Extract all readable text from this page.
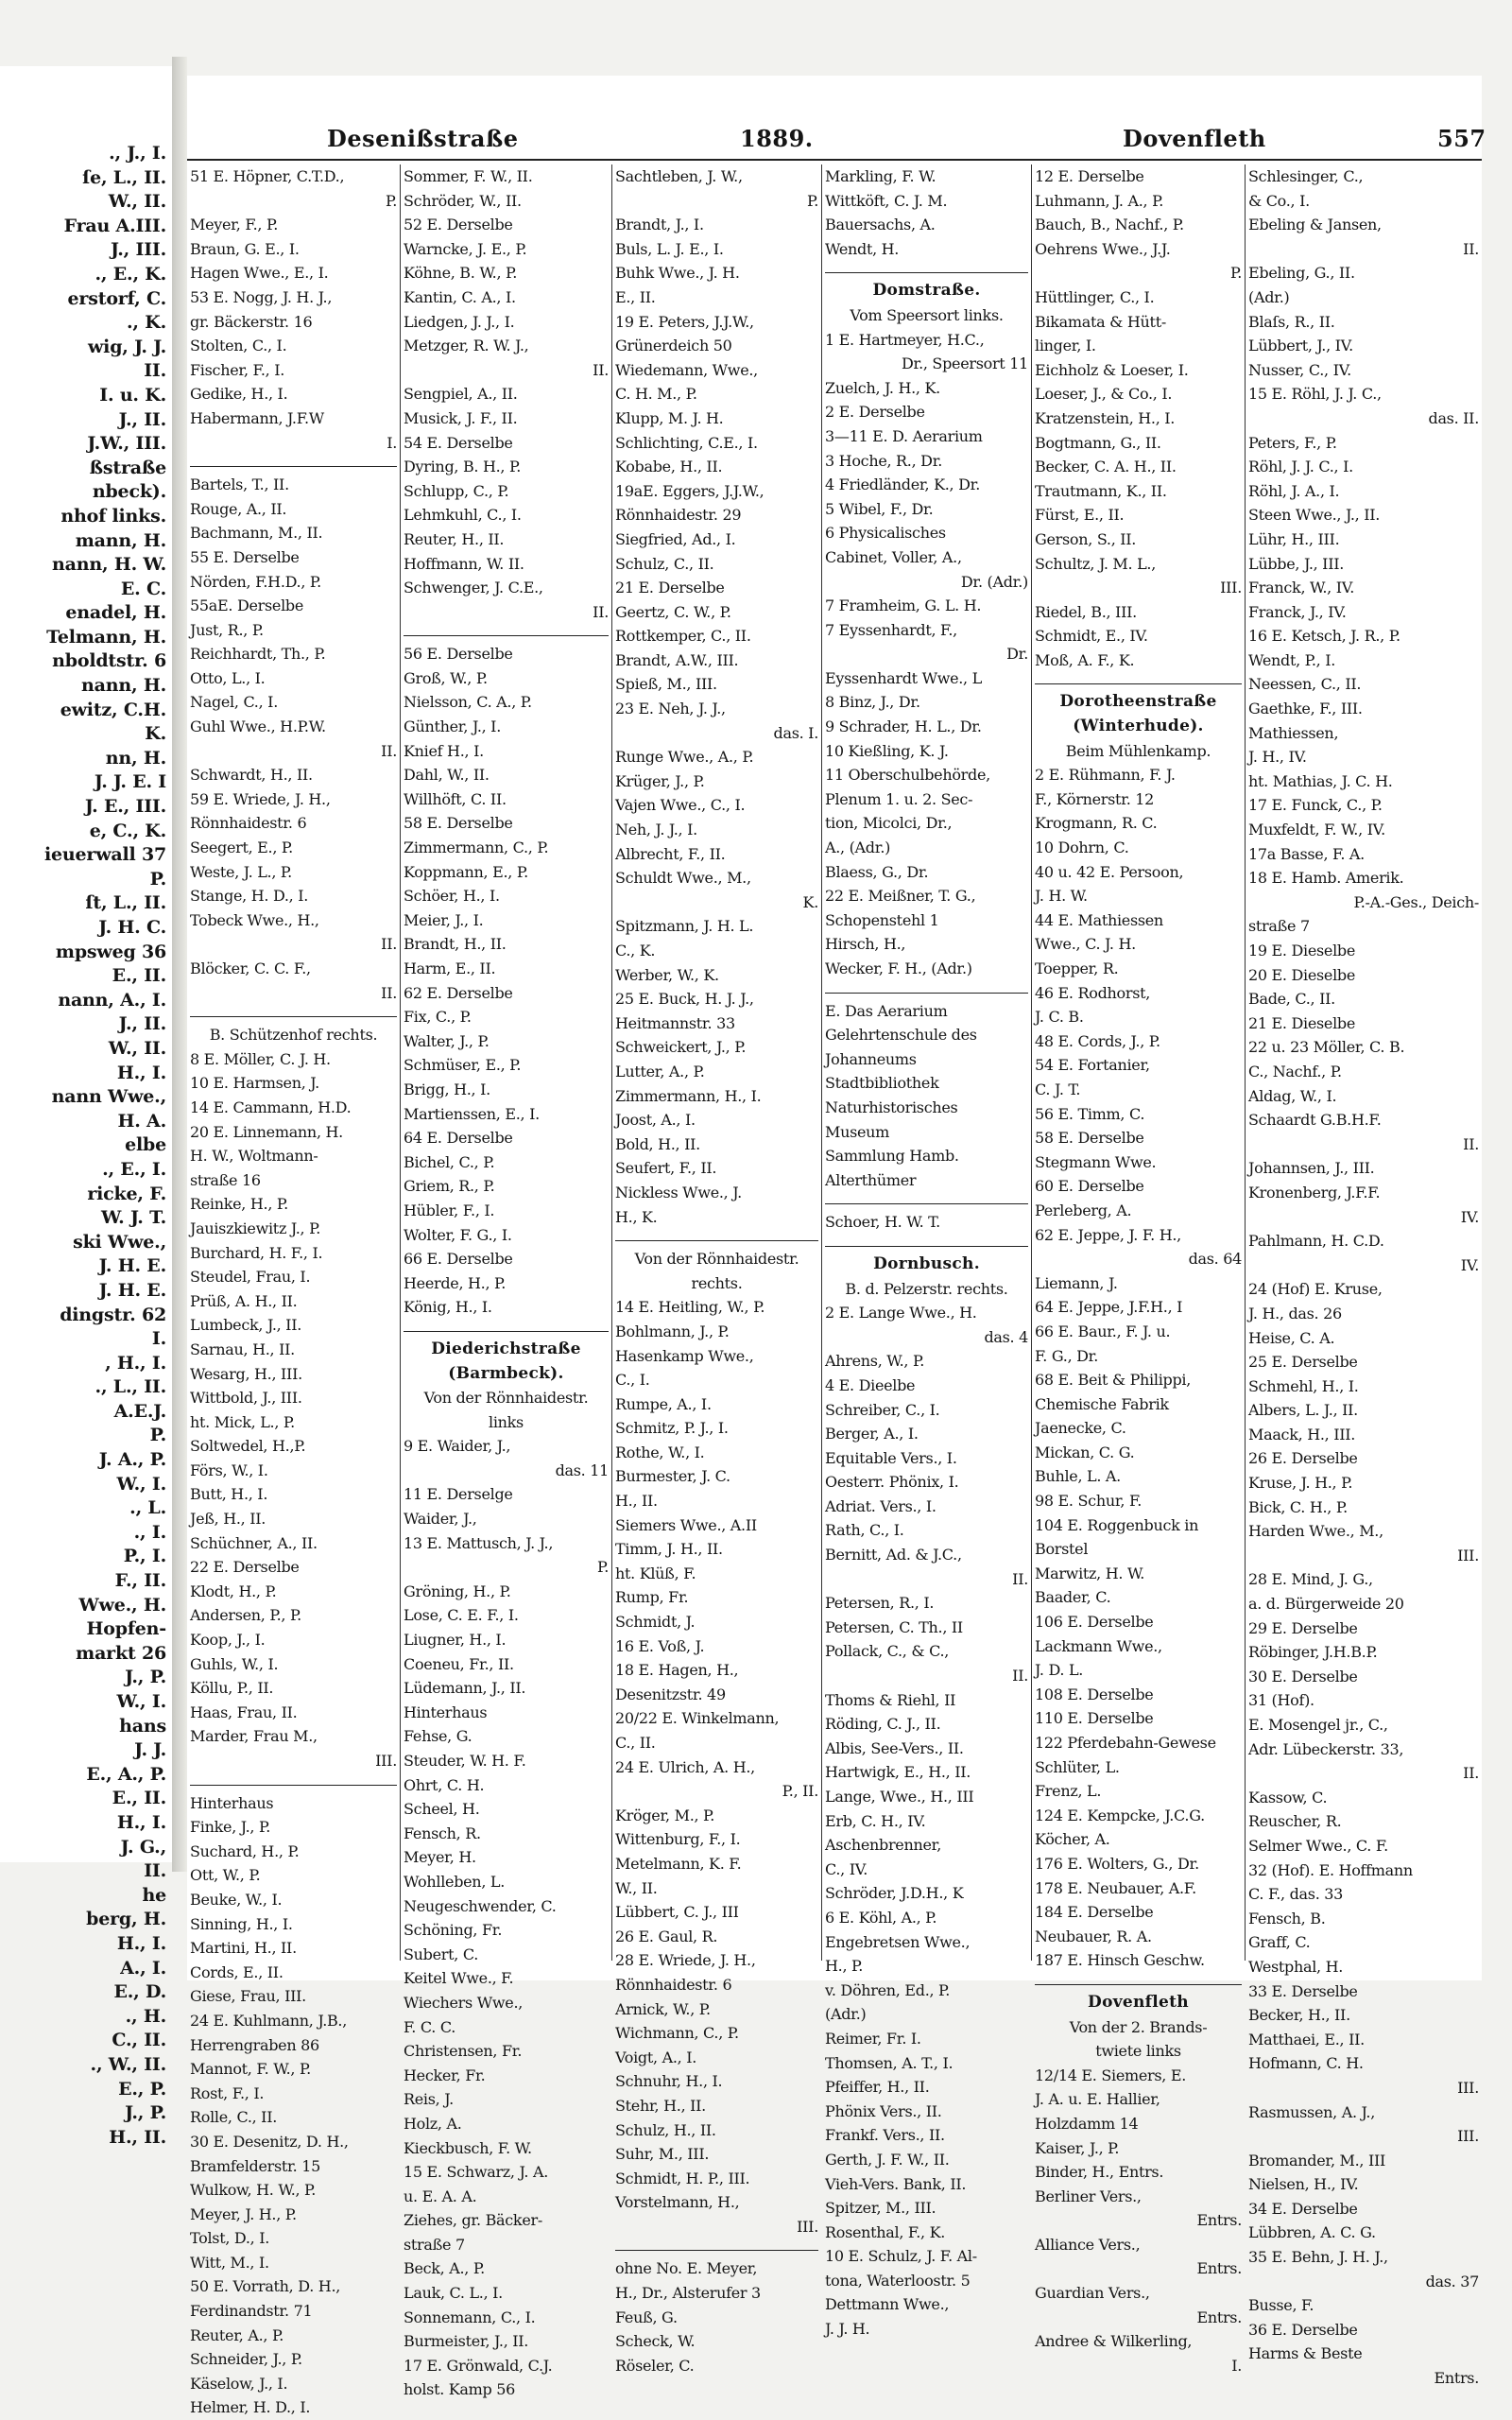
., J., I.
ſe, L., II.
W., II.
Frau A.III.
J., III.
., E., K.
erstorf, C.
., K.
wig, J. J.
II.
I. u. K.
J., II.
J.W., III.
ßstraße
nbeck).
nhof links.
mann, H.
nann, H. W.
E. C.
enadel, H.
Telmann, H.
nboldtstr. 6
nann, H.
ewitz, C.H.
K.
nn, H.
J. J. E. I
J. E., III.
e, C., K.
ieuerwall 37
P.
ſt, L., II.
J. H. C.
mpsweg 36
E., II.
nann, A., I.
J., II.
W., II.
H., I.
nann Wwe.,
H. A.
elbe
., E., I.
ricke, F.
W. J. T.
ski Wwe.,
J. H. E.
J. H. E.
dingstr. 62
I.
, H., I.
., L., II.
A.E.J.
P.
J. A., P.
W., I.
., L.
., I.
P., I.
F., II.
Wwe., H.
Hopfen-
markt 26
J., P.
W., I.
hans
J. J.
E., A., P.
E., II.
H., I.
J. G.,
II.
he
berg, H.
H., I.
A., I.
E., D.
., H.
C., II.
., W., II.
E., P.
J., P.
H., II.
Desenißstraße	1889.	Dovenfleth	557
51 E. Höpner, C.T.D.,
P.
Meyer, F., P.
Braun, G. E., I.
Hagen Wwe., E., I.
53 E. Nogg, J. H. J.,
gr. Bäckerstr. 16
Stolten, C., I.
Fischer, F., I.
Gedike, H., I.
Habermann, J.F.W
I.
Bartels, T., II.
Rouge, A., II.
Bachmann, M., II.
55 E. Derselbe
Nörden, F.H.D., P.
55aE. Derselbe
Just, R., P.
Reichhardt, Th., P.
Otto, L., I.
Nagel, C., I.
Guhl Wwe., H.P.W.
II.
Schwardt, H., II.
59 E. Wriede, J. H.,
Rönnhaidestr. 6
Seegert, E., P.
Weste, J. L., P.
Stange, H. D., I.
Tobeck Wwe., H.,
II.
Blöcker, C. C. F.,
II.
B. Schützenhof rechts.
8 E. Möller, C. J. H.
10 E. Harmsen, J.
14 E. Cammann, H.D.
20 E. Linnemann, H.
H. W., Woltmann-
straße 16
Reinke, H., P.
Jauiszkiewitz J., P.
Burchard, H. F., I.
Steudel, Frau, I.
Prüß, A. H., II.
Lumbeck, J., II.
Sarnau, H., II.
Wesarg, H., III.
Wittbold, J., III.
ht. Mick, L., P.
Soltwedel, H.,P.
Förs, W., I.
Butt, H., I.
Jeß, H., II.
Schüchner, A., II.
22 E. Derselbe
Klodt, H., P.
Andersen, P., P.
Koop, J., I.
Guhls, W., I.
Köllu, P., II.
Haas, Frau, II.
Marder, Frau M.,
III.
Hinterhaus
Finke, J., P.
Suchard, H., P.
Ott, W., P.
Beuke, W., I.
Sinning, H., I.
Martini, H., II.
Cords, E., II.
Giese, Frau, III.
24 E. Kuhlmann, J.B.,
Herrengraben 86
Mannot, F. W., P.
Rost, F., I.
Rolle, C., II.
30 E. Desenitz, D. H.,
Bramfelderstr. 15
Wulkow, H. W., P.
Meyer, J. H., P.
Tolst, D., I.
Witt, M., I.
50 E. Vorrath, D. H.,
Ferdinandstr. 71
Reuter, A., P.
Schneider, J., P.
Käselow, J., I.
Helmer, H. D., I.
Sommer, F. W., II.
Schröder, W., II.
52 E. Derselbe
Warncke, J. E., P.
Köhne, B. W., P.
Kantin, C. A., I.
Liedgen, J. J., I.
Metzger, R. W. J.,
II.
Sengpiel, A., II.
Musick, J. F., II.
54 E. Derselbe
Dyring, B. H., P.
Schlupp, C., P.
Lehmkuhl, C., I.
Reuter, H., II.
Hoffmann, W. II.
Schwenger, J. C.E.,
II.
56 E. Derselbe
Groß, W., P.
Nielsson, C. A., P.
Günther, J., I.
Knief H., I.
Dahl, W., II.
Willhöft, C. II.
58 E. Derselbe
Zimmermann, C., P.
Koppmann, E., P.
Schöer, H., I.
Meier, J., I.
Brandt, H., II.
Harm, E., II.
62 E. Derselbe
Fix, C., P.
Walter, J., P.
Schmüser, E., P.
Brigg, H., I.
Martienssen, E., I.
64 E. Derselbe
Bichel, C., P.
Griem, R., P.
Hübler, F., I.
Wolter, F. G., I.
66 E. Derselbe
Heerde, H., P.
König, H., I.
Diederichstraße
(Barmbeck).
Von der Rönnhaidestr.
links
9 E. Waider, J.,
das. 11
11 E. Derselge
Waider, J.,
13 E. Mattusch, J. J.,
P.
Gröning, H., P.
Lose, C. E. F., I.
Liugner, H., I.
Coeneu, Fr., II.
Lüdemann, J., II.
Hinterhaus
Fehse, G.
Steuder, W. H. F.
Ohrt, C. H.
Scheel, H.
Fensch, R.
Meyer, H.
Wohlleben, L.
Neugeschwender, C.
Schöning, Fr.
Subert, C.
Keitel Wwe., F.
Wiechers Wwe.,
F. C. C.
Christensen, Fr.
Hecker, Fr.
Reis, J.
Holz, A.
Kieckbusch, F. W.
15 E. Schwarz, J. A.
u. E. A. A.
Ziehes, gr. Bäcker-
straße 7
Beck, A., P.
Lauk, C. L., I.
Sonnemann, C., I.
Burmeister, J., II.
17 E. Grönwald, C.J.
holst. Kamp 56
Sachtleben, J. W.,
P.
Brandt, J., I.
Buls, L. J. E., I.
Buhk Wwe., J. H.
E., II.
19 E. Peters, J.J.W.,
Grünerdeich 50
Wiedemann, Wwe.,
C. H. M., P.
Klupp, M. J. H.
Schlichting, C.E., I.
Kobabe, H., II.
19aE. Eggers, J.J.W.,
Rönnhaidestr. 29
Siegfried, Ad., I.
Schulz, C., II.
21 E. Derselbe
Geertz, C. W., P.
Rottkemper, C., II.
Brandt, A.W., III.
Spieß, M., III.
23 E. Neh, J. J.,
das. I.
Runge Wwe., A., P.
Krüger, J., P.
Vajen Wwe., C., I.
Neh, J. J., I.
Albrecht, F., II.
Schuldt Wwe., M.,
K.
Spitzmann, J. H. L.
C., K.
Werber, W., K.
25 E. Buck, H. J. J.,
Heitmannstr. 33
Schweickert, J., P.
Lutter, A., P.
Zimmermann, H., I.
Joost, A., I.
Bold, H., II.
Seufert, F., II.
Nickless Wwe., J.
H., K.
Von der Rönnhaidestr.
rechts.
14 E. Heitling, W., P.
Bohlmann, J., P.
Hasenkamp Wwe.,
C., I.
Rumpe, A., I.
Schmitz, P. J., I.
Rothe, W., I.
Burmester, J. C.
H., II.
Siemers Wwe., A.II
Timm, J. H., II.
ht. Klüß, F.
Rump, Fr.
Schmidt, J.
16 E. Voß, J.
18 E. Hagen, H.,
Desenitzstr. 49
20/22 E. Winkelmann,
C., II.
24 E. Ulrich, A. H.,
P., II.
Kröger, M., P.
Wittenburg, F., I.
Metelmann, K. F.
W., II.
Lübbert, C. J., III
26 E. Gaul, R.
28 E. Wriede, J. H.,
Rönnhaidestr. 6
Arnick, W., P.
Wichmann, C., P.
Voigt, A., I.
Schnuhr, H., I.
Stehr, H., II.
Schulz, H., II.
Suhr, M., III.
Schmidt, H. P., III.
Vorstelmann, H.,
III.
ohne No. E. Meyer,
H., Dr., Alsterufer 3
Feuß, G.
Scheck, W.
Röseler, C.
Markling, F. W.
Wittköft, C. J. M.
Bauersachs, A.
Wendt, H.
Domstraße.
Vom Speersort links.
1 E. Hartmeyer, H.C.,
Dr., Speersort 11
Zuelch, J. H., K.
2 E. Derselbe
3—11 E. D. Aerarium
3 Hoche, R., Dr.
4 Friedländer, K., Dr.
5 Wibel, F., Dr.
6 Physicalisches
Cabinet, Voller, A.,
Dr. (Adr.)
7 Framheim, G. L. H.
7 Eyssenhardt, F.,
Dr.
Eyssenhardt Wwe., L
8 Binz, J., Dr.
9 Schrader, H. L., Dr.
10 Kießling, K. J.
11 Oberschulbehörde,
Plenum 1. u. 2. Sec-
tion, Micolci, Dr.,
A., (Adr.)
Blaess, G., Dr.
22 E. Meißner, T. G.,
Schopenstehl 1
Hirsch, H.,
Wecker, F. H., (Adr.)
E. Das Aerarium
Gelehrtenschule des
Johanneums
Stadtbibliothek
Naturhistorisches
Museum
Sammlung Hamb.
Alterthümer
Schoer, H. W. T.
Dornbusch.
B. d. Pelzerstr. rechts.
2 E. Lange Wwe., H.
das. 4
Ahrens, W., P.
4 E. Dieelbe
Schreiber, C., I.
Berger, A., I.
Equitable Vers., I.
Oesterr. Phönix, I.
Adriat. Vers., I.
Rath, C., I.
Bernitt, Ad. & J.C.,
II.
Petersen, R., I.
Petersen, C. Th., II
Pollack, C., & C.,
II.
Thoms & Riehl, II
Röding, C. J., II.
Albis, See-Vers., II.
Hartwigk, E., H., II.
Lange, Wwe., H., III
Erb, C. H., IV.
Aschenbrenner,
C., IV.
Schröder, J.D.H., K
6 E. Köhl, A., P.
Engebretsen Wwe.,
H., P.
v. Döhren, Ed., P.
(Adr.)
Reimer, Fr. I.
Thomsen, A. T., I.
Pfeiffer, H., II.
Phönix Vers., II.
Frankf. Vers., II.
Gerth, J. F. W., II.
Vieh-Vers. Bank, II.
Spitzer, M., III.
Rosenthal, F., K.
10 E. Schulz, J. F. Al-
tona, Waterloostr. 5
Dettmann Wwe.,
J. J. H.
12 E. Derselbe
Luhmann, J. A., P.
Bauch, B., Nachf., P.
Oehrens Wwe., J.J.
P.
Hüttlinger, C., I.
Bikamata & Hütt-
linger, I.
Eichholz & Loeser, I.
Loeser, J., & Co., I.
Kratzenstein, H., I.
Bogtmann, G., II.
Becker, C. A. H., II.
Trautmann, K., II.
Fürst, E., II.
Gerson, S., II.
Schultz, J. M. L.,
III.
Riedel, B., III.
Schmidt, E., IV.
Moß, A. F., K.
Dorotheenstraße
(Winterhude).
Beim Mühlenkamp.
2 E. Rühmann, F. J.
F., Körnerstr. 12
Krogmann, R. C.
10 Dohrn, C.
40 u. 42 E. Persoon,
J. H. W.
44 E. Mathiessen
Wwe., C. J. H.
Toepper, R.
46 E. Rodhorst,
J. C. B.
48 E. Cords, J., P.
54 E. Fortanier,
C. J. T.
56 E. Timm, C.
58 E. Derselbe
Stegmann Wwe.
60 E. Derselbe
Perleberg, A.
62 E. Jeppe, J. F. H.,
das. 64
Liemann, J.
64 E. Jeppe, J.F.H., I
66 E. Baur., F. J. u.
F. G., Dr.
68 E. Beit & Philippi,
Chemische Fabrik
Jaenecke, C.
Mickan, C. G.
Buhle, L. A.
98 E. Schur, F.
104 E. Roggenbuck in
Borstel
Marwitz, H. W.
Baader, C.
106 E. Derselbe
Lackmann Wwe.,
J. D. L.
108 E. Derselbe
110 E. Derselbe
122 Pferdebahn-Gewese
Schlüter, L.
Frenz, L.
124 E. Kempcke, J.C.G.
Köcher, A.
176 E. Wolters, G., Dr.
178 E. Neubauer, A.F.
184 E. Derselbe
Neubauer, R. A.
187 E. Hinsch Geschw.
Dovenfleth
Von der 2. Brands-
twiete links
12/14 E. Siemers, E.
J. A. u. E. Hallier,
Holzdamm 14
Kaiser, J., P.
Binder, H., Entrs.
Berliner Vers.,
Entrs.
Alliance Vers.,
Entrs.
Guardian Vers.,
Entrs.
Andree & Wilkerling,
I.
Schlesinger, C.,
& Co., I.
Ebeling & Jansen,
II.
Ebeling, G., II.
(Adr.)
Blaſs, R., II.
Lübbert, J., IV.
Nusser, C., IV.
15 E. Röhl, J. J. C.,
das. II.
Peters, F., P.
Röhl, J. J. C., I.
Röhl, J. A., I.
Steen Wwe., J., II.
Lühr, H., III.
Lübbe, J., III.
Franck, W., IV.
Franck, J., IV.
16 E. Ketsch, J. R., P.
Wendt, P., I.
Neessen, C., II.
Gaethke, F., III.
Mathiessen,
J. H., IV.
ht. Mathias, J. C. H.
17 E. Funck, C., P.
Muxfeldt, F. W., IV.
17a Basse, F. A.
18 E. Hamb. Amerik.
P.-A.-Ges., Deich-
straße 7
19 E. Dieselbe
20 E. Dieselbe
Bade, C., II.
21 E. Dieselbe
22 u. 23 Möller, C. B.
C., Nachf., P.
Aldag, W., I.
Schaardt G.B.H.F.
II.
Johannsen, J., III.
Kronenberg, J.F.F.
IV.
Pahlmann, H. C.D.
IV.
24 (Hof) E. Kruse,
J. H., das. 26
Heise, C. A.
25 E. Derselbe
Schmehl, H., I.
Albers, L. J., II.
Maack, H., III.
26 E. Derselbe
Kruse, J. H., P.
Bick, C. H., P.
Harden Wwe., M.,
III.
28 E. Mind, J. G.,
a. d. Bürgerweide 20
29 E. Derselbe
Röbinger, J.H.B.P.
30 E. Derselbe
31 (Hof).
E. Mosengel jr., C.,
Adr. Lübeckerstr. 33,
II.
Kassow, C.
Reuscher, R.
Selmer Wwe., C. F.
32 (Hof). E. Hoffmann
C. F., das. 33
Fensch, B.
Graff, C.
Westphal, H.
33 E. Derselbe
Becker, H., II.
Matthaei, E., II.
Hofmann, C. H.
III.
Rasmussen, A. J.,
III.
Bromander, M., III
Nielsen, H., IV.
34 E. Derselbe
Lübbren, A. C. G.
35 E. Behn, J. H. J.,
das. 37
Busse, F.
36 E. Derselbe
Harms & Beste
Entrs.
